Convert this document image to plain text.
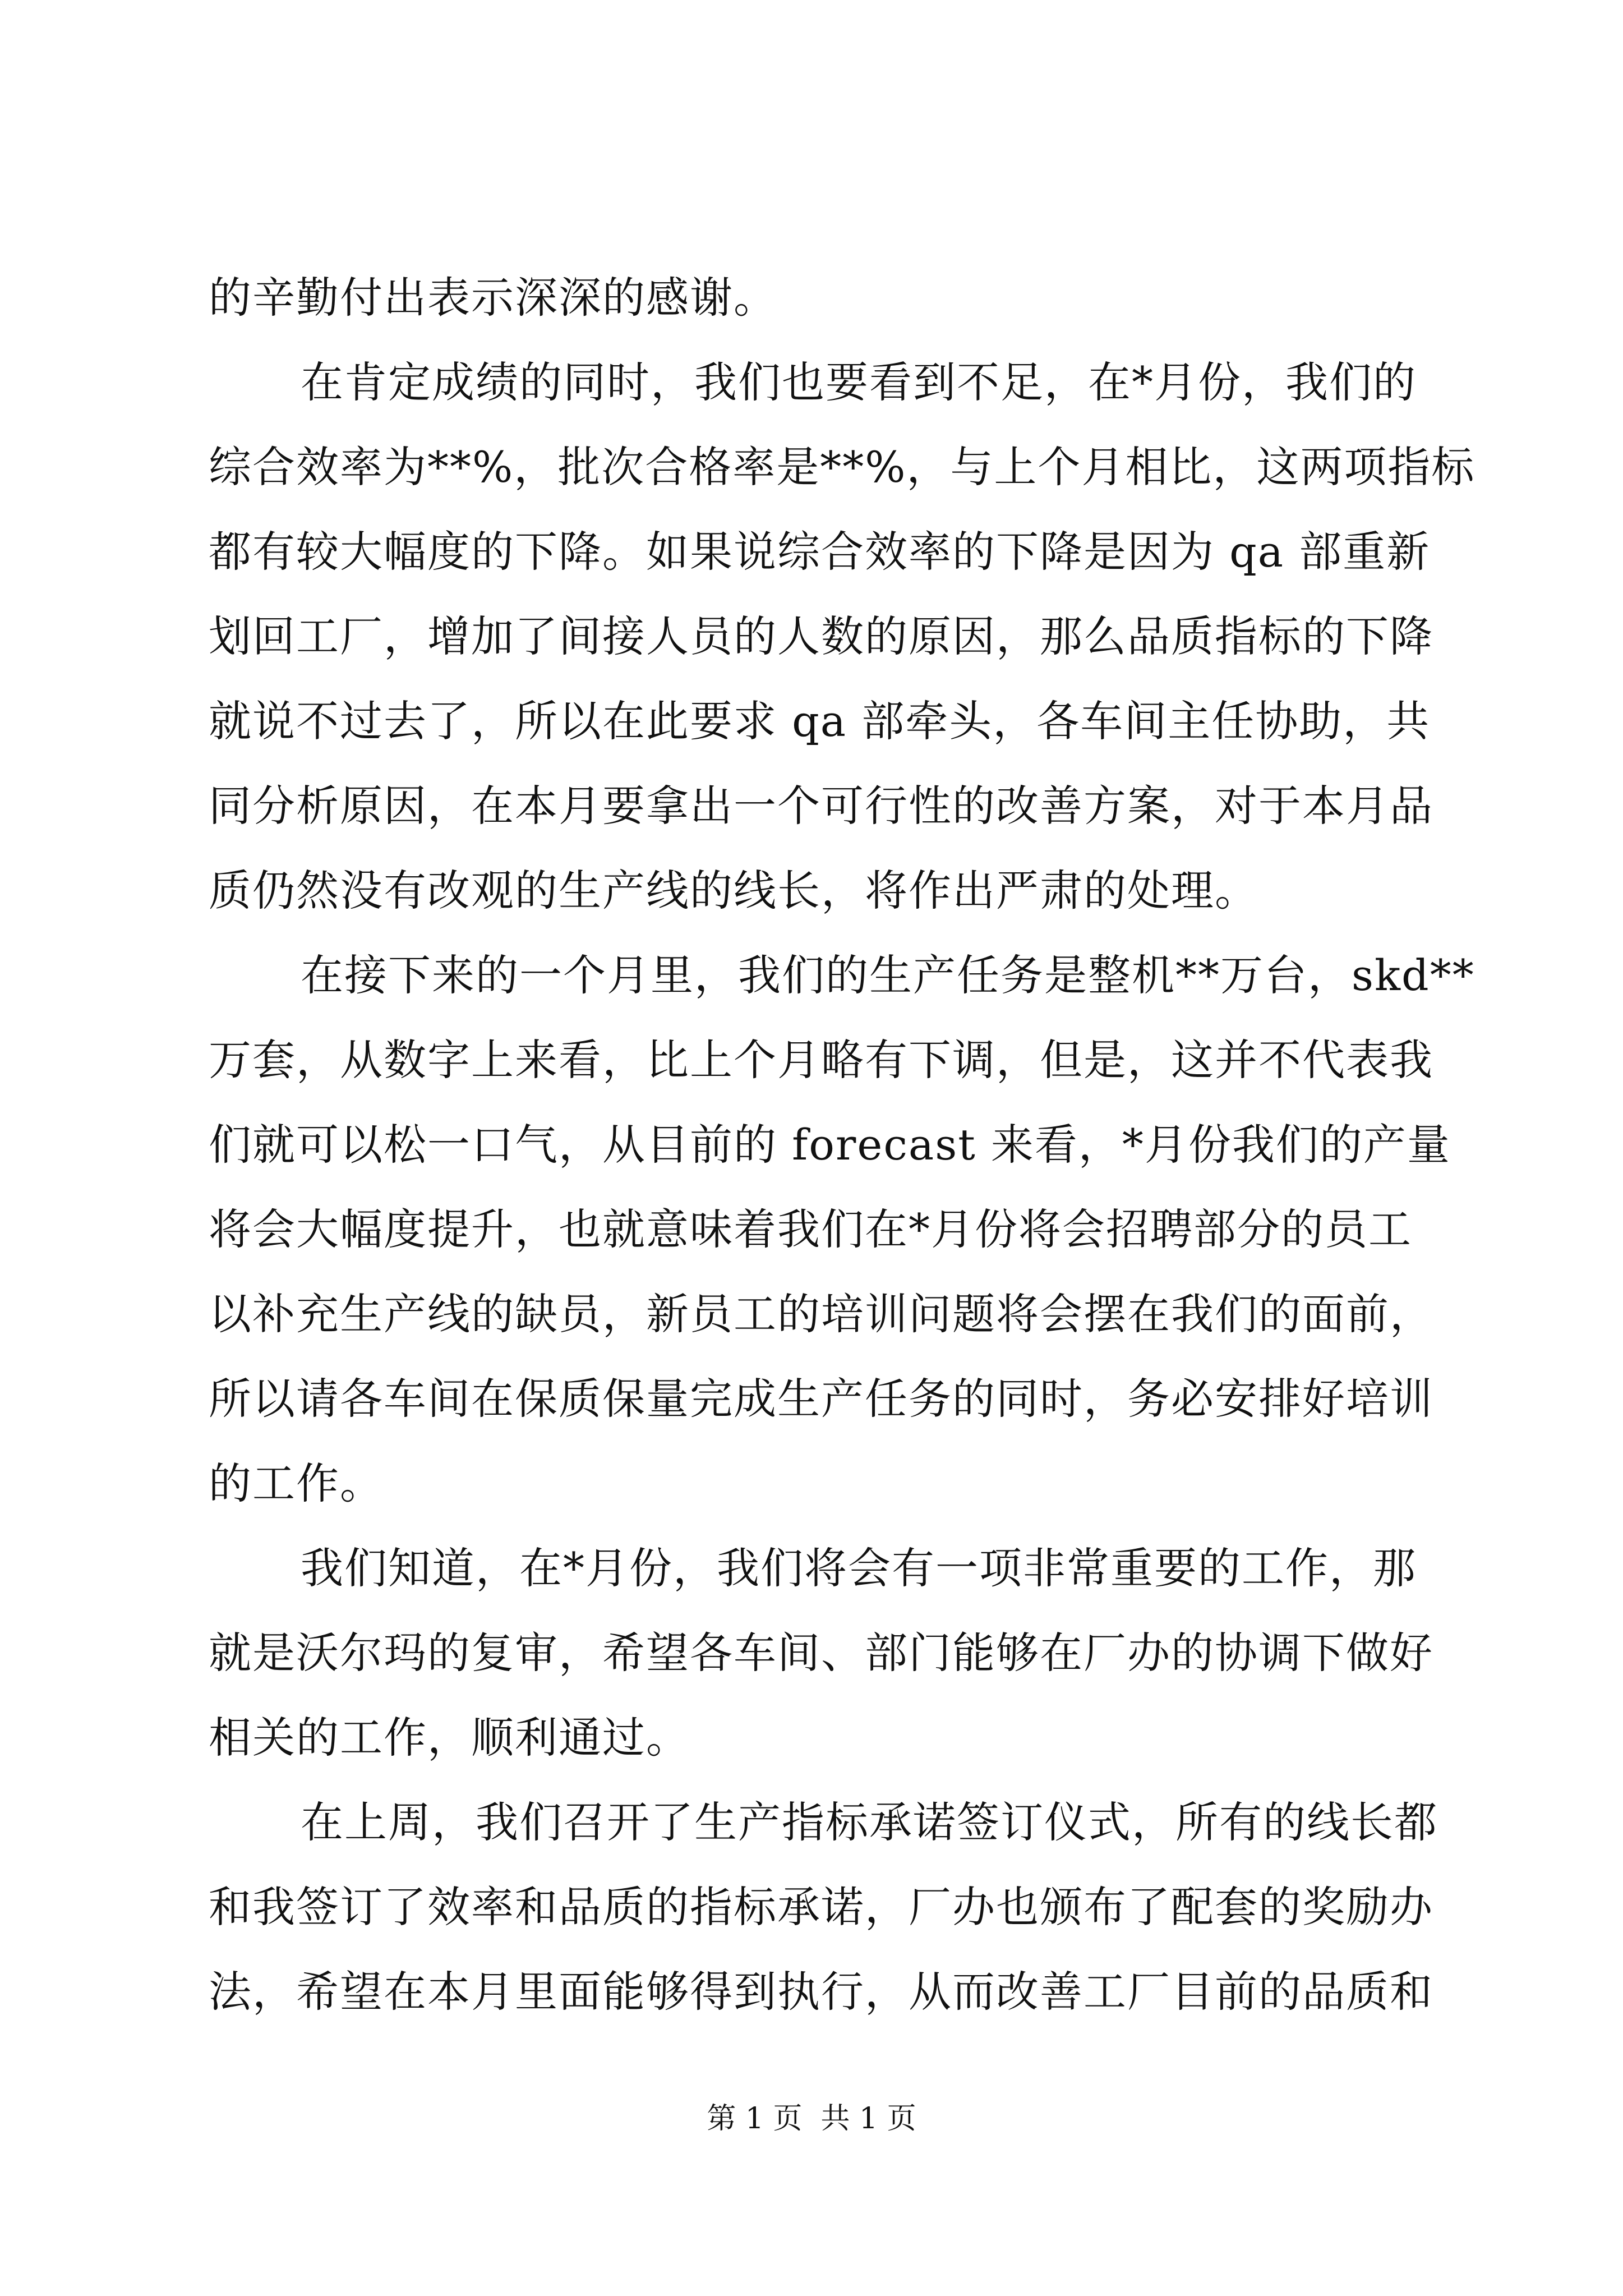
的辛勤付出表示深深的感谢。
在肯定成绩的同时，我们也要看到不足，在*月份，我们的
综合效率为**%，批次合格率是**%，与上个月相比，这两项指标
都有较大幅度的下降。如果说综合效率的下降是因为 qa 部重新
划回工厂，增加了间接人员的人数的原因，那么品质指标的下降
就说不过去了，所以在此要求 qa 部牵头，各车间主任协助，共
同分析原因，在本月要拿出一个可行性的改善方案，对于本月品
质仍然没有改观的生产线的线长，将作出严肃的处理。
在接下来的一个月里，我们的生产任务是整机**万台，skd**
万套，从数字上来看，比上个月略有下调，但是，这并不代表我
们就可以松一口气，从目前的 forecast 来看，*月份我们的产量
将会大幅度提升，也就意味着我们在*月份将会招聘部分的员工
以补充生产线的缺员，新员工的培训问题将会摆在我们的面前，
所以请各车间在保质保量完成生产任务的同时，务必安排好培训
的工作。
我们知道，在*月份，我们将会有一项非常重要的工作，那
就是沃尔玛的复审，希望各车间、部门能够在厂办的协调下做好
相关的工作，顺利通过。
在上周，我们召开了生产指标承诺签订仪式，所有的线长都
和我签订了效率和品质的指标承诺，厂办也颁布了配套的奖励办
法，希望在本月里面能够得到执行，从而改善工厂目前的品质和
第 1 页  共 1 页
